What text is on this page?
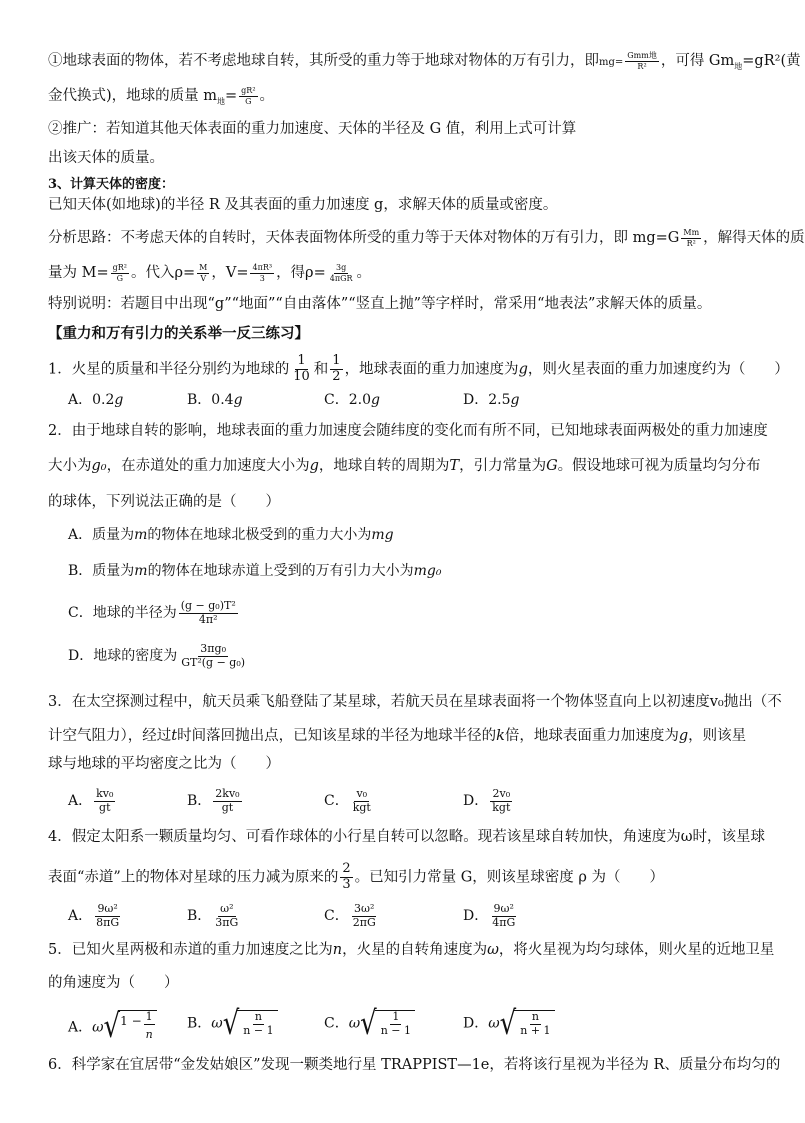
①地球表面的物体，若不考虑地球自转，其所受的重力等于地球对物体的万有引力，即mg=
Gmm地
R² ，可得 $Gm_地=gR^2$(黄
金代换式)，地球的质量 $m_地= \frac{\text{gR²}}{G}$ 。
②推广：若知道其他天体表面的重力加速度、天体的半径及 G 值，利用上式可计算
出该天体的质量。
3、计算天体的密度：
已知天体(如地球)的半径 R 及其表面的重力加速度 g，求解天体的质量或密度。
分析思路：不考虑天体的自转时，天体表面物体所受的重力等于天体对物体的万有引力，即 $mg=G \frac{Mm}{\text{R²}}$ ，解得天体的质
量为 $M= \frac{\text{gR²}}{G}$ 。代入$\rho= \frac{M}{V}$ ，$V= \frac{\text{4πR³}}{3}$ ，得ρ= 3g
4πGR 。
特别说明：若题目中出现“g”“地面”“自由落体”“竖直上抛”等字样时，常采用“地表法”求解天体的质量。
【重力和万有引力的关系举一反三练习】
1．火星的质量和半径分别约为地球的 $\frac{1}{10}$ 和 $\frac{1}{2}$ ，地球表面的重力加速度为g，则火星表面的重力加速度约为（　　）
A．0.2g	B．0.4g	C．2.0g	D．2.5g
2．由于地球自转的影响，地球表面的重力加速度会随纬度的变化而有所不同，已知地球表面两极处的重力加速度
大小为g₀，在赤道处的重力加速度大小为g，地球自转的周期为T，引力常量为G。假设地球可视为质量均匀分布
的球体，下列说法正确的是（　　）
A．质量为m的物体在地球北极受到的重力大小为mg
B．质量为m的物体在地球赤道上受到的万有引力大小为mg₀
C．地球的半径为 $\frac{\text{(g − g₀)T²}}{\text{4π²}}$
D．地球的密度为 $\frac{\text{3πg₀}}{\text{GT²(g − g₀)}}$
3．在太空探测过程中，航天员乘飞船登陆了某星球，若航天员在星球表面将一个物体竖直向上以初速度v₀抛出（不
计空气阻力），经过t时间落回抛出点，已知该星球的半径为地球半径的k倍，地球表面重力加速度为g，则该星
球与地球的平均密度之比为（　　）
A． $\frac{\text{kv₀}}{gt}$	B． $\frac{\text{2kv₀}}{gt}$	C． v₀
kgt	D． 2v₀
kgt
4．假定太阳系一颗质量均匀、可看作球体的小行星自转可以忽略。现若该星球自转加快，角速度为ω时，该星球
表面“赤道”上的物体对星球的压力减为原来的 $\frac{2}{3}$ 。已知引力常量 G，则该星球密度 ρ 为（　　）
A． $\frac{\text{9ω²}}{8\pi G}$	B． $\frac{\text{ω²}}{3\pi G}$	C． $\frac{\text{3ω²}}{2\pi G}$	D． $\frac{\text{9ω²}}{4\pi G}$
5．已知火星两极和赤道的重力加速度之比为n，火星的自转角速度为ω，将火星视为均匀球体，则火星的近地卫星
的角速度为（　　）
A．ω √ $1 - \frac{1}{n}$ B．ω √ n
n − 1	C．ω √ 1
n − 1	D．ω √ n
n + 1
6．科学家在宜居带“金发姑娘区”发现一颗类地行星 TRAPPIST—1e，若将该行星视为半径为 R、质量分布均匀的
